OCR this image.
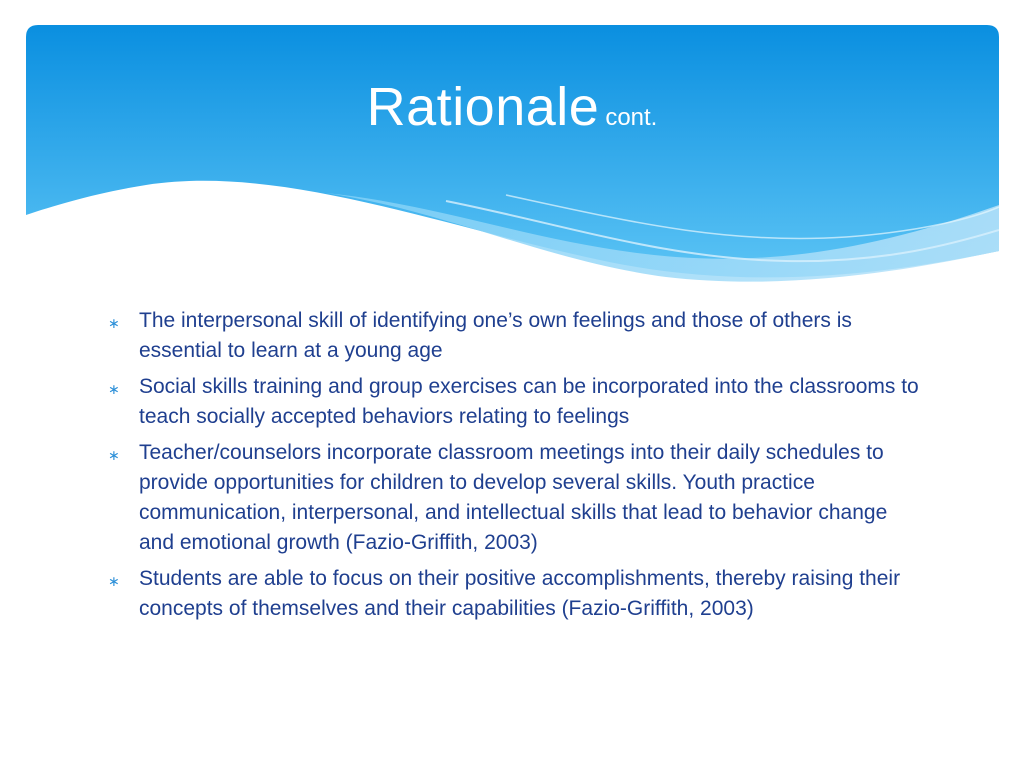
Rationale cont.
∗ The interpersonal skill of identifying one’s own feelings and those of others is essential to learn at a young age
∗ Social skills training and group exercises can be incorporated into the classrooms to teach socially accepted behaviors relating to feelings
∗ Teacher/counselors incorporate classroom meetings into their daily schedules to provide opportunities for children to develop several skills. Youth practice communication, interpersonal, and intellectual skills that lead to behavior change and emotional growth (Fazio-Griffith, 2003)
∗ Students are able to focus on their positive accomplishments, thereby raising their concepts of themselves and their capabilities (Fazio-Griffith, 2003)
